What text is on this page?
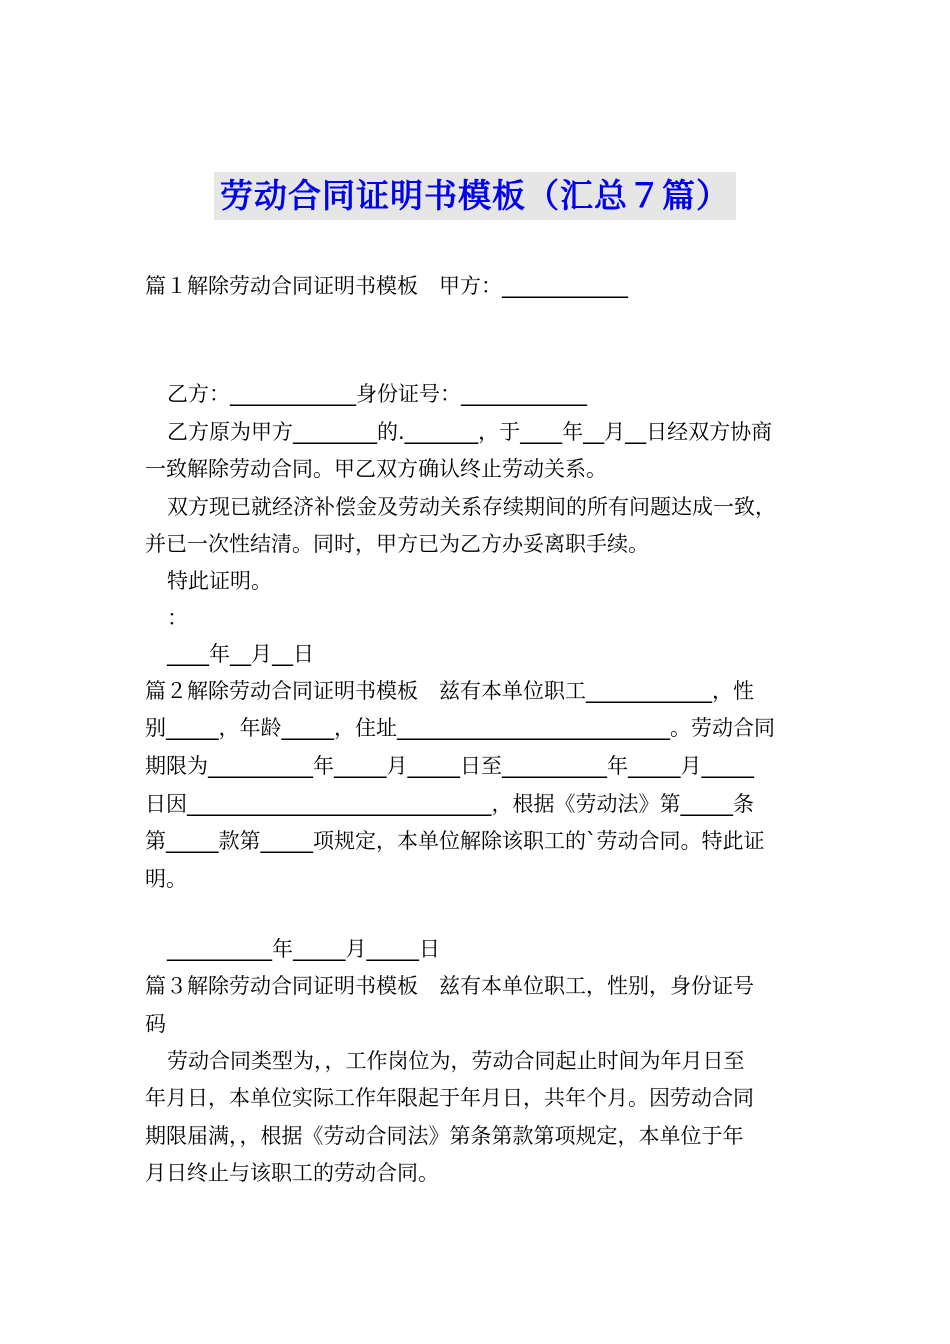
劳动合同证明书模板（汇总７篇）
篇１解除劳动合同证明书模板　甲方：____________
乙方：____________身份证号：____________
乙方原为甲方________的._______，于____年__月__日经双方协商
一致解除劳动合同。甲乙双方确认终止劳动关系。
双方现已就经济补偿金及劳动关系存续期间的所有问题达成一致，
并已一次性结清。同时，甲方已为乙方办妥离职手续。
特此证明。
：
____年__月__日
篇２解除劳动合同证明书模板　兹有本单位职工____________，性
别_____，年龄_____，住址__________________________。劳动合同
期限为__________年_____月_____日至__________年_____月_____
日因_____________________________，根据《劳动法》第_____条
第_____款第_____项规定，本单位解除该职工的`劳动合同。特此证
明。
__________年_____月_____日
篇３解除劳动合同证明书模板　兹有本单位职工，性别，身份证号
码
劳动合同类型为，，工作岗位为，劳动合同起止时间为年月日至
年月日，本单位实际工作年限起于年月日，共年个月。因劳动合同
期限届满，，根据《劳动合同法》第条第款第项规定，本单位于年
月日终止与该职工的劳动合同。
